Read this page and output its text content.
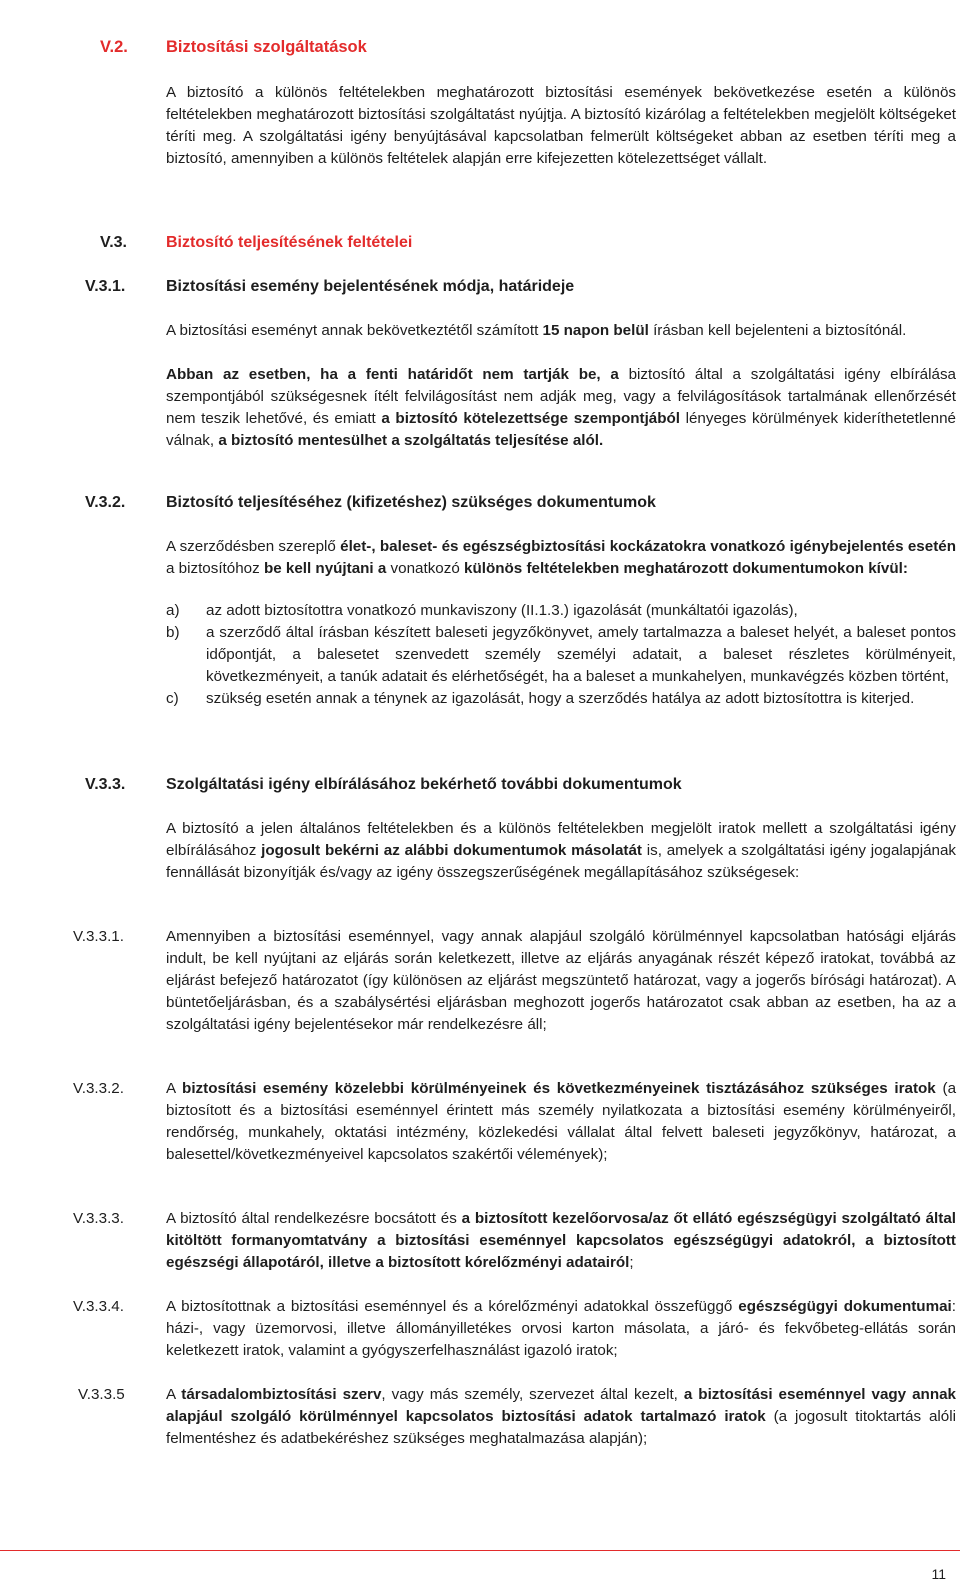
V.2. Biztosítási szolgáltatások
A biztosító a különös feltételekben meghatározott biztosítási események bekövetkezése esetén a különös feltételekben meghatározott biztosítási szolgáltatást nyújtja. A biztosító kizárólag a feltételekben megjelölt költségeket téríti meg. A szolgáltatási igény benyújtásával kapcsolatban felmerült költségeket abban az esetben téríti meg a biztosító, amennyiben a különös feltételek alapján erre kifejezetten kötelezettséget vállalt.
V.3. Biztosító teljesítésének feltételei
V.3.1.	Biztosítási esemény bejelentésének módja, határideje
A biztosítási eseményt annak bekövetkeztétől számított 15 napon belül írásban kell bejelenteni a biztosítónál.
Abban az esetben, ha a fenti határidőt nem tartják be, a biztosító által a szolgáltatási igény elbírálása szempontjából szükségesnek ítélt felvilágosítást nem adják meg, vagy a felvilágosítások tartalmának ellenőrzését nem teszik lehetővé, és emiatt a biztosító kötelezettsége szempontjából lényeges körülmények kideríthetetlenné válnak, a biztosító mentesülhet a szolgáltatás teljesítése alól.
V.3.2.	Biztosító teljesítéséhez (kifizetéshez) szükséges dokumentumok
A szerződésben szereplő élet-, baleset- és egészségbiztosítási kockázatokra vonatkozó igénybejelentés esetén a biztosítóhoz be kell nyújtani a vonatkozó különös feltételekben meghatározott dokumentumokon kívül:
a) az adott biztosítottra vonatkozó munkaviszony (II.1.3.) igazolását (munkáltatói igazolás),
b) a szerződő által írásban készített baleseti jegyzőkönyvet, amely tartalmazza a baleset helyét, a baleset pontos időpontját, a balesetet szenvedett személy személyi adatait, a baleset részletes körülményeit, következményeit, a tanúk adatait és elérhetőségét, ha a baleset a munkahelyen, munkavégzés közben történt,
c) szükség esetén annak a ténynek az igazolását, hogy a szerződés hatálya az adott biztosítottra is kiterjed.
V.3.3.	Szolgáltatási igény elbírálásához bekérhető további dokumentumok
A biztosító a jelen általános feltételekben és a különös feltételekben megjelölt iratok mellett a szolgáltatási igény elbírálásához jogosult bekérni az alábbi dokumentumok másolatát is, amelyek a szolgáltatási igény jogalapjának fennállását bizonyítják és/vagy az igény összegszerűségének megállapításához szükségesek:
V.3.3.1.	Amennyiben a biztosítási eseménnyel, vagy annak alapjául szolgáló körülménnyel kapcsolatban hatósági eljárás indult, be kell nyújtani az eljárás során keletkezett, illetve az eljárás anyagának részét képező iratokat, továbbá az eljárást befejező határozatot (így különösen az eljárást megszüntető határozat, vagy a jogerős bírósági határozat). A büntetőeljárásban, és a szabálysértési eljárásban meghozott jogerős határozatot csak abban az esetben, ha az a szolgáltatási igény bejelentésekor már rendelkezésre áll;
V.3.3.2.	A biztosítási esemény közelebbi körülményeinek és következményeinek tisztázásához szükséges iratok (a biztosított és a biztosítási eseménnyel érintett más személy nyilatkozata a biztosítási esemény körülményeiről, rendőrség, munkahely, oktatási intézmény, közlekedési vállalat által felvett baleseti jegyzőkönyv, határozat, a balesettel/következményeivel kapcsolatos szakértői vélemények);
V.3.3.3.	A biztosító által rendelkezésre bocsátott és a biztosított kezelőorvosa/az őt ellátó egészségügyi szolgáltató által kitöltött formanyomtatvány a biztosítási eseménnyel kapcsolatos egészségügyi adatokról, a biztosított egészségi állapotáról, illetve a biztosított kórelőzményi adatairól;
V.3.3.4.	A biztosítottnak a biztosítási eseménnyel és a kórelőzményi adatokkal összefüggő egészségügyi dokumentumai: házi-, vagy üzemorvosi, illetve állományilletékes orvosi karton másolata, a járó- és fekvőbeteg-ellátás során keletkezett iratok, valamint a gyógyszerfelhasználást igazoló iratok;
V.3.3.5	A társadalombiztosítási szerv, vagy más személy, szervezet által kezelt, a biztosítási eseménnyel vagy annak alapjául szolgáló körülménnyel kapcsolatos biztosítási adatok tartalmazó iratok (a jogosult titoktartás alóli felmentéshez és adatbekéréshez szükséges meghatalmazása alapján);
11
